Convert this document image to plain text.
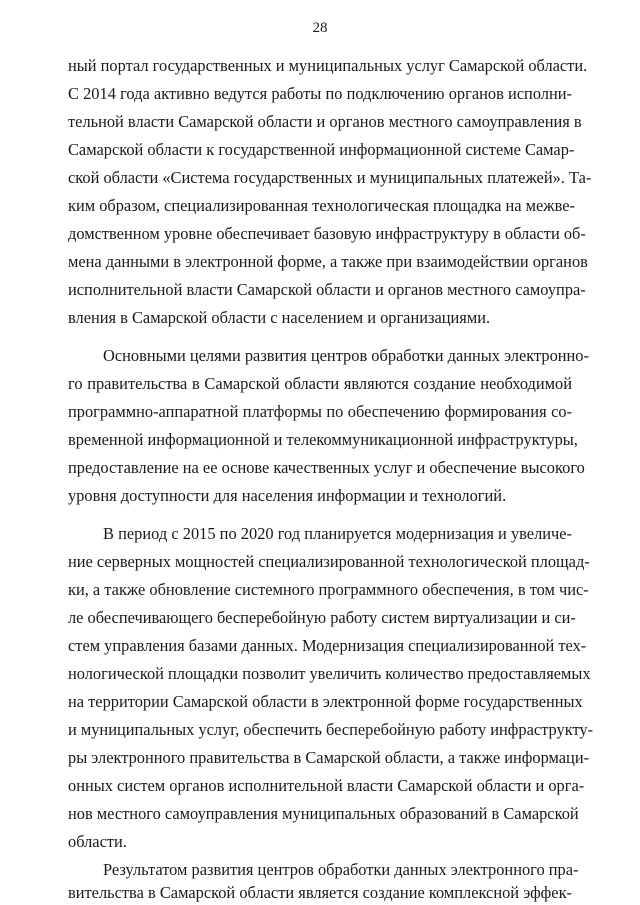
28
ный портал государственных и муниципальных услуг Самарской области.
С 2014 года активно ведутся работы по подключению органов исполни-
тельной власти Самарской области и органов местного самоуправления в
Самарской области к государственной информационной системе Самар-
ской области «Система государственных и муниципальных платежей». Та-
ким образом, специализированная технологическая площадка на межве-
домственном уровне обеспечивает базовую инфраструктуру в области об-
мена данными в электронной форме, а также при взаимодействии органов
исполнительной власти Самарской области и органов местного самоупра-
вления в Самарской области с населением и организациями.
Основными целями развития центров обработки данных электронно-
го правительства в Самарской области являются создание необходимой
программно-аппаратной платформы по обеспечению формирования со-
временной информационной и телекоммуникационной инфраструктуры,
предоставление на ее основе качественных услуг и обеспечение высокого
уровня доступности для населения информации и технологий.
В период с 2015 по 2020 год планируется модернизация и увеличе-
ние серверных мощностей специализированной технологической площад-
ки, а также обновление системного программного обеспечения, в том чис-
ле обеспечивающего бесперебойную работу систем виртуализации и си-
стем управления базами данных. Модернизация специализированной тех-
нологической площадки позволит увеличить количество предоставляемых
на территории Самарской области в электронной форме государственных
и муниципальных услуг, обеспечить бесперебойную работу инфраструкту-
ры электронного правительства в Самарской области, а также информаци-
онных систем органов исполнительной власти Самарской области и орга-
нов местного самоуправления муниципальных образований в Самарской
области.
Результатом развития центров обработки данных электронного пра-
вительства в Самарской области является создание комплексной эффек-
